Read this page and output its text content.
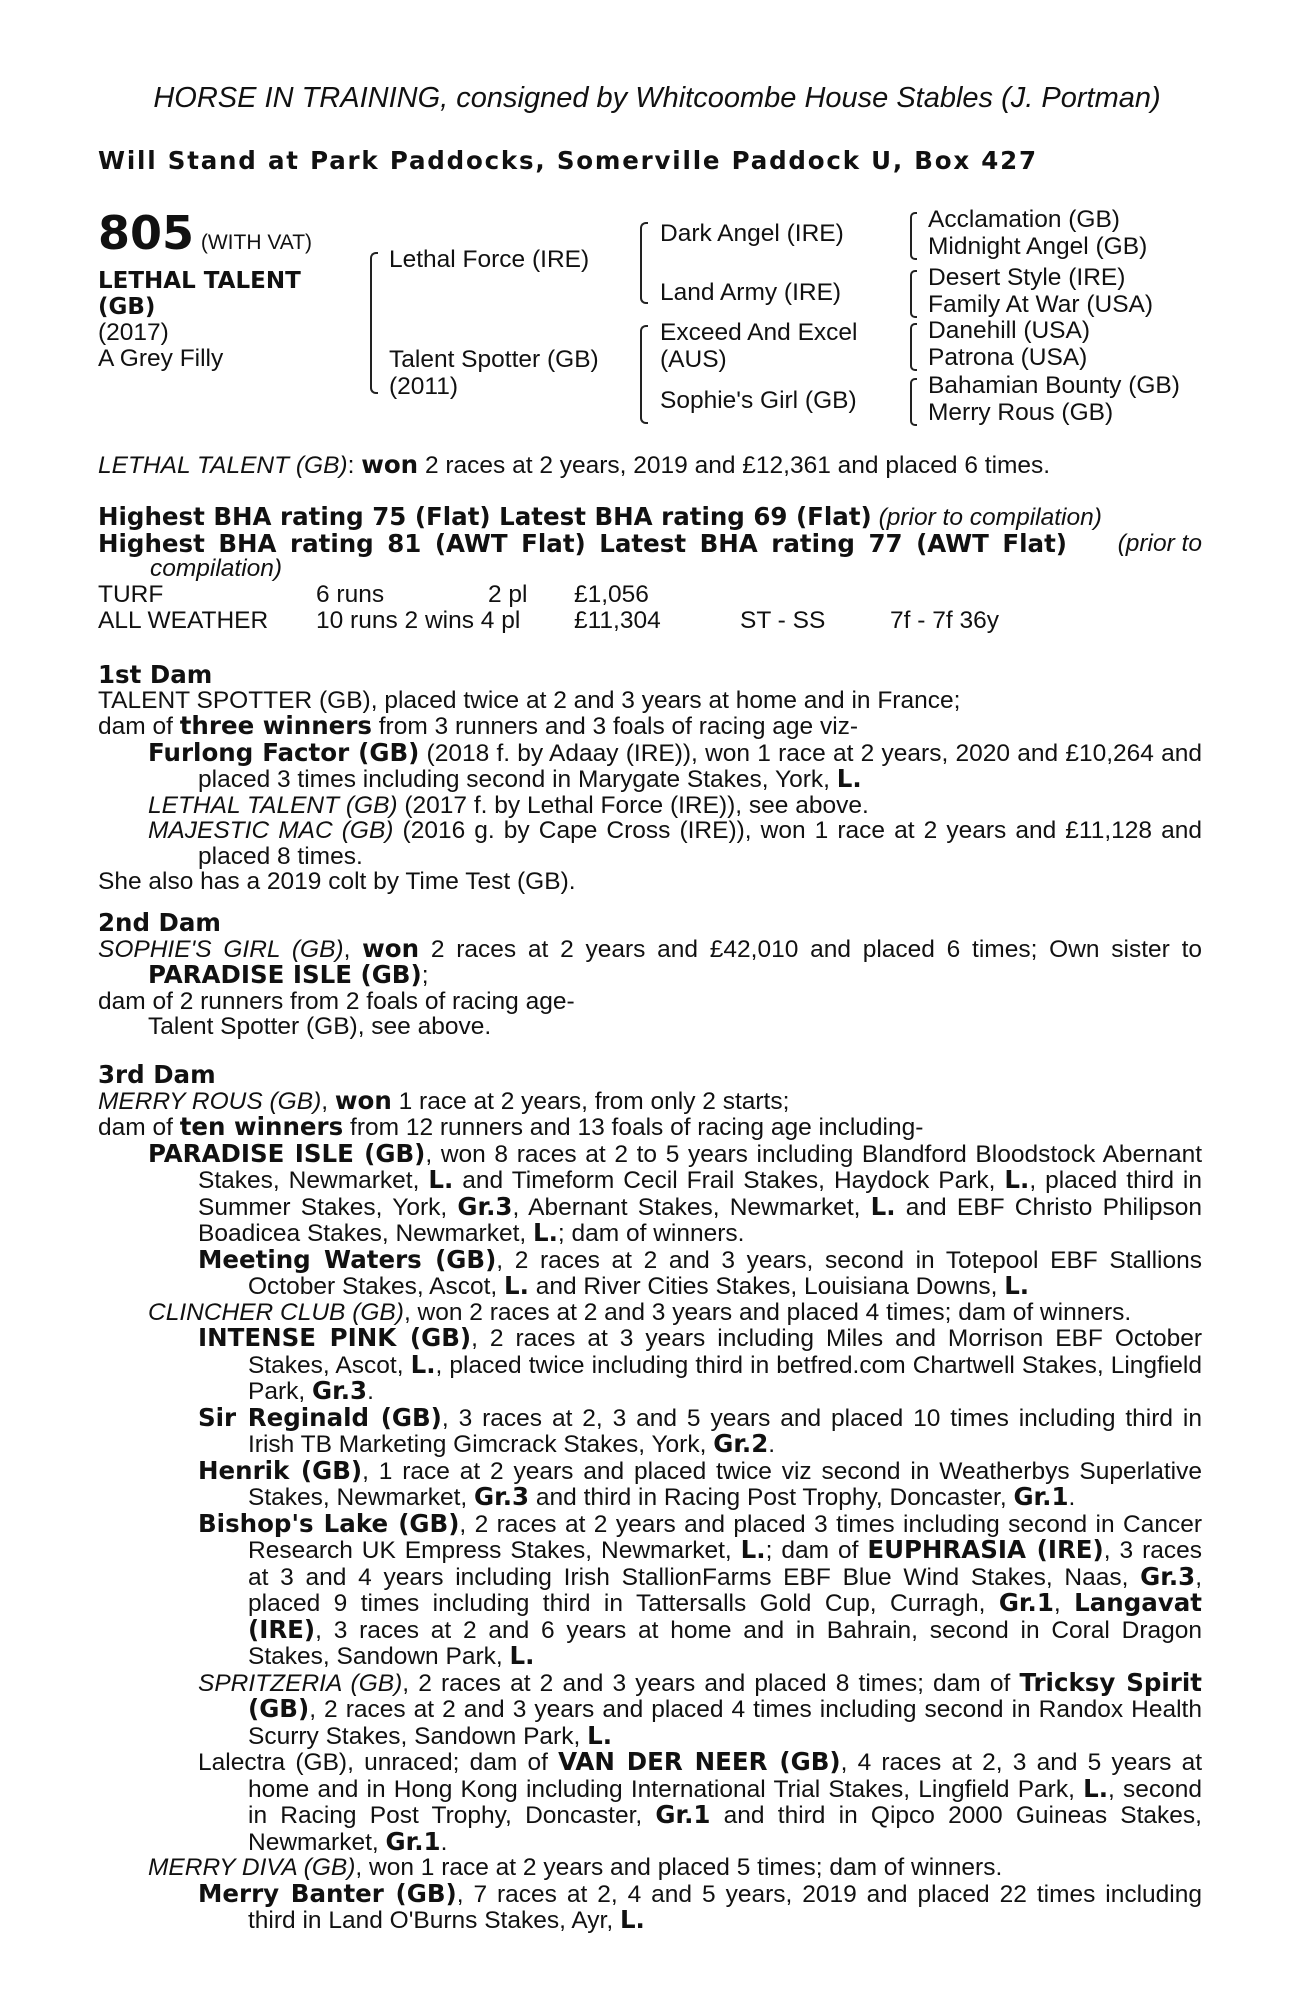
HORSE IN TRAINING, consigned by Whitcoombe House Stables (J. Portman)
Will Stand at Park Paddocks, Somerville Paddock U, Box 427
805 (WITH VAT)
LETHAL TALENT
(GB)
(2017)
A Grey Filly
Lethal Force (IRE)
Talent Spotter (GB)
(2011)
Dark Angel (IRE)
Land Army (IRE)
Exceed And Excel
(AUS)
Sophie's Girl (GB)
Acclamation (GB)
Midnight Angel (GB)
Desert Style (IRE)
Family At War (USA)
Danehill (USA)
Patrona (USA)
Bahamian Bounty (GB)
Merry Rous (GB)
LETHAL TALENT (GB): won 2 races at 2 years, 2019 and £12,361 and placed 6 times.
Highest BHA rating 75 (Flat) Latest BHA rating 69 (Flat) (prior to compilation)
Highest BHA rating 81 (AWT Flat) Latest BHA rating 77 (AWT Flat) (prior to
compilation)
TURF	6 runs	2 pl £1,056
ALL WEATHER 10 runs 2 wins 4 pl £11,304	ST - SS	7f - 7f 36y
1st Dam

TALENT SPOTTER (GB), placed twice at 2 and 3 years at home and in France;

dam of three winners from 3 runners and 3 foals of racing age viz-

Furlong Factor (GB) (2018 f. by Adaay (IRE)), won 1 race at 2 years, 2020 and £10,264 and placed 3 times including second in Marygate Stakes, York, L.

LETHAL TALENT (GB) (2017 f. by Lethal Force (IRE)), see above.

MAJESTIC MAC (GB) (2016 g. by Cape Cross (IRE)), won 1 race at 2 years and £11,128 and placed 8 times.

She also has a 2019 colt by Time Test (GB).

2nd Dam

SOPHIE'S GIRL (GB), won 2 races at 2 years and £42,010 and placed 6 times; Own sister to PARADISE ISLE (GB);

dam of 2 runners from 2 foals of racing age-

Talent Spotter (GB), see above.

3rd Dam

MERRY ROUS (GB), won 1 race at 2 years, from only 2 starts;

dam of ten winners from 12 runners and 13 foals of racing age including-

PARADISE ISLE (GB), won 8 races at 2 to 5 years including Blandford Bloodstock Abernant Stakes, Newmarket, L. and Timeform Cecil Frail Stakes, Haydock Park, L., placed third in Summer Stakes, York, Gr.3, Abernant Stakes, Newmarket, L. and EBF Christo Philipson Boadicea Stakes, Newmarket, L.; dam of winners.

Meeting Waters (GB), 2 races at 2 and 3 years, second in Totepool EBF Stallions October Stakes, Ascot, L. and River Cities Stakes, Louisiana Downs, L.

CLINCHER CLUB (GB), won 2 races at 2 and 3 years and placed 4 times; dam of winners.

INTENSE PINK (GB), 2 races at 3 years including Miles and Morrison EBF October Stakes, Ascot, L., placed twice including third in betfred.com Chartwell Stakes, Lingfield Park, Gr.3.

Sir Reginald (GB), 3 races at 2, 3 and 5 years and placed 10 times including third in Irish TB Marketing Gimcrack Stakes, York, Gr.2.

Henrik (GB), 1 race at 2 years and placed twice viz second in Weatherbys Superlative Stakes, Newmarket, Gr.3 and third in Racing Post Trophy, Doncaster, Gr.1.

Bishop's Lake (GB), 2 races at 2 years and placed 3 times including second in Cancer Research UK Empress Stakes, Newmarket, L.; dam of EUPHRASIA (IRE), 3 races at 3 and 4 years including Irish StallionFarms EBF Blue Wind Stakes, Naas, Gr.3, placed 9 times including third in Tattersalls Gold Cup, Curragh, Gr.1, Langavat (IRE), 3 races at 2 and 6 years at home and in Bahrain, second in Coral Dragon Stakes, Sandown Park, L.

SPRITZERIA (GB), 2 races at 2 and 3 years and placed 8 times; dam of Tricksy Spirit (GB), 2 races at 2 and 3 years and placed 4 times including second in Randox Health Scurry Stakes, Sandown Park, L.

Lalectra (GB), unraced; dam of VAN DER NEER (GB), 4 races at 2, 3 and 5 years at home and in Hong Kong including International Trial Stakes, Lingfield Park, L., second in Racing Post Trophy, Doncaster, Gr.1 and third in Qipco 2000 Guineas Stakes, Newmarket, Gr.1.

MERRY DIVA (GB), won 1 race at 2 years and placed 5 times; dam of winners.

Merry Banter (GB), 7 races at 2, 4 and 5 years, 2019 and placed 22 times including third in Land O'Burns Stakes, Ayr, L.
